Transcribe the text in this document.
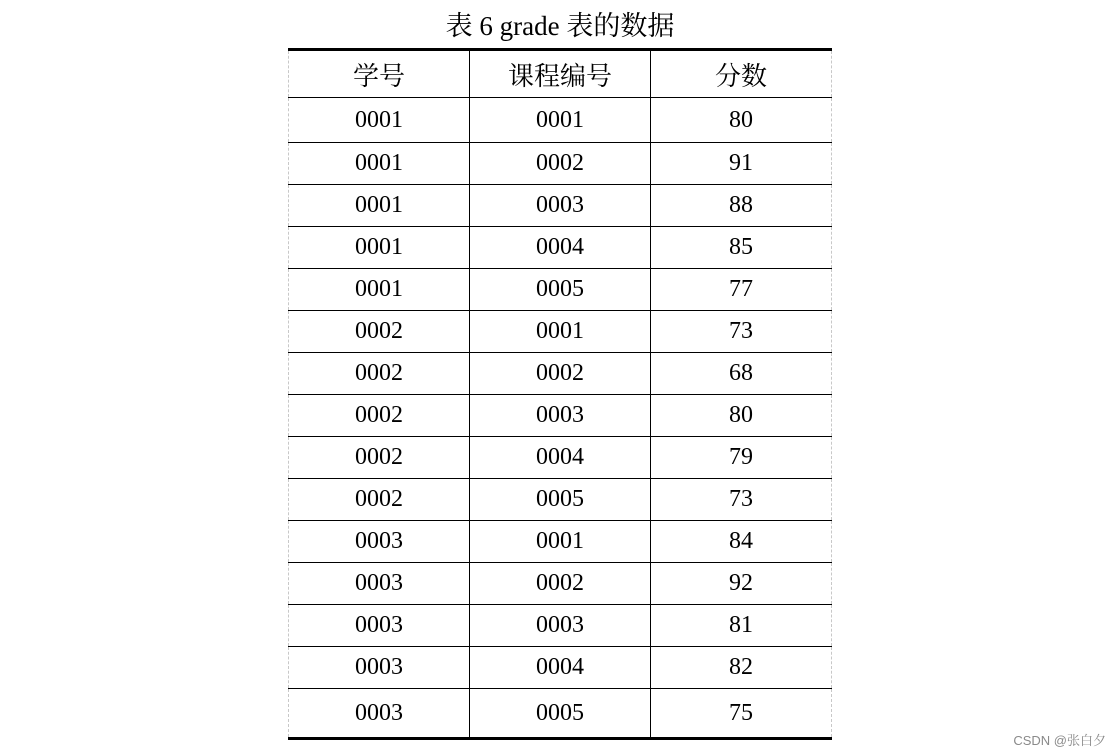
表 6 grade 表的数据
学号	课程编号	分数
0001	0001	80
0001	0002	91
0001	0003	88
0001	0004	85
0001	0005	77
0002	0001	73
0002	0002	68
0002	0003	80
0002	0004	79
0002	0005	73
0003	0001	84
0003	0002	92
0003	0003	81
0003	0004	82
0003	0005	75
CSDN @张白夕
